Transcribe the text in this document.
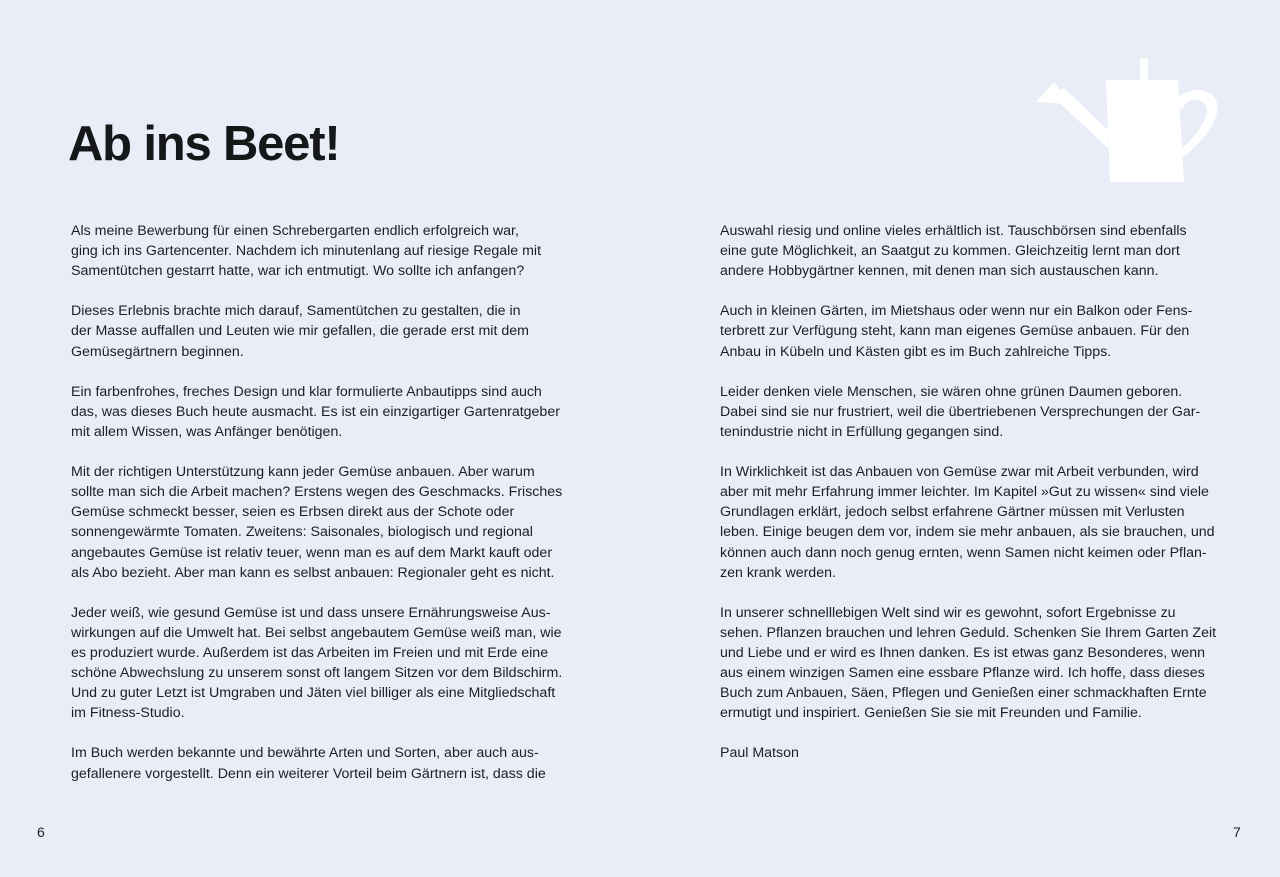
Ab ins Beet!

Als meine Bewerbung für einen Schrebergarten endlich erfolgreich war,
ging ich ins Gartencenter. Nachdem ich minutenlang auf riesige Regale mit
Samentütchen gestarrt hatte, war ich entmutigt. Wo sollte ich anfangen?

Dieses Erlebnis brachte mich darauf, Samentütchen zu gestalten, die in
der Masse auffallen und Leuten wie mir gefallen, die gerade erst mit dem
Gemüsegärtnern beginnen.

Ein farbenfrohes, freches Design und klar formulierte Anbautipps sind auch
das, was dieses Buch heute ausmacht. Es ist ein einzigartiger Gartenratgeber
mit allem Wissen, was Anfänger benötigen.

Mit der richtigen Unterstützung kann jeder Gemüse anbauen. Aber warum
sollte man sich die Arbeit machen? Erstens wegen des Geschmacks. Frisches
Gemüse schmeckt besser, seien es Erbsen direkt aus der Schote oder
sonnengewärmte Tomaten. Zweitens: Saisonales, biologisch und regional
angebautes Gemüse ist relativ teuer, wenn man es auf dem Markt kauft oder
als Abo bezieht. Aber man kann es selbst anbauen: Regionaler geht es nicht.

Jeder weiß, wie gesund Gemüse ist und dass unsere Ernährungsweise Aus-
wirkungen auf die Umwelt hat. Bei selbst angebautem Gemüse weiß man, wie
es produziert wurde. Außerdem ist das Arbeiten im Freien und mit Erde eine
schöne Abwechslung zu unserem sonst oft langem Sitzen vor dem Bildschirm.
Und zu guter Letzt ist Umgraben und Jäten viel billiger als eine Mitgliedschaft
im Fitness-Studio.

Im Buch werden bekannte und bewährte Arten und Sorten, aber auch aus-
gefallenere vorgestellt. Denn ein weiterer Vorteil beim Gärtnern ist, dass die

Auswahl riesig und online vieles erhältlich ist. Tauschbörsen sind ebenfalls
eine gute Möglichkeit, an Saatgut zu kommen. Gleichzeitig lernt man dort
andere Hobbygärtner kennen, mit denen man sich austauschen kann.

Auch in kleinen Gärten, im Mietshaus oder wenn nur ein Balkon oder Fens-
terbrett zur Verfügung steht, kann man eigenes Gemüse anbauen. Für den
Anbau in Kübeln und Kästen gibt es im Buch zahlreiche Tipps.

Leider denken viele Menschen, sie wären ohne grünen Daumen geboren.
Dabei sind sie nur frustriert, weil die übertriebenen Versprechungen der Gar-
tenindustrie nicht in Erfüllung gegangen sind.

In Wirklichkeit ist das Anbauen von Gemüse zwar mit Arbeit verbunden, wird
aber mit mehr Erfahrung immer leichter. Im Kapitel »Gut zu wissen« sind viele
Grundlagen erklärt, jedoch selbst erfahrene Gärtner müssen mit Verlusten
leben. Einige beugen dem vor, indem sie mehr anbauen, als sie brauchen, und
können auch dann noch genug ernten, wenn Samen nicht keimen oder Pflan-
zen krank werden.

In unserer schnelllebigen Welt sind wir es gewohnt, sofort Ergebnisse zu
sehen. Pflanzen brauchen und lehren Geduld. Schenken Sie Ihrem Garten Zeit
und Liebe und er wird es Ihnen danken. Es ist etwas ganz Besonderes, wenn
aus einem winzigen Samen eine essbare Pflanze wird. Ich hoffe, dass dieses
Buch zum Anbauen, Säen, Pflegen und Genießen einer schmackhaften Ernte
ermutigt und inspiriert. Genießen Sie sie mit Freunden und Familie.

Paul Matson

6	7
